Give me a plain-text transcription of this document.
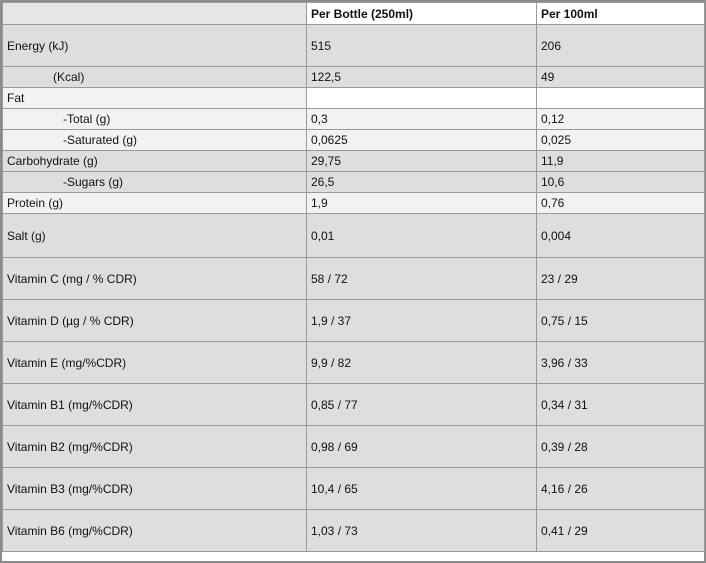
	Per Bottle (250ml)	Per 100ml
Energy (kJ)	515	206
(Kcal)	122,5	49
Fat		
-Total (g)	0,3	0,12
-Saturated (g)	0,0625	0,025
Carbohydrate (g)	29,75	11,9
-Sugars (g)	26,5	10,6
Protein (g)	1,9	0,76
Salt (g)	0,01	0,004
Vitamin C (mg / % CDR)	58 / 72	23 / 29
Vitamin D (µg / % CDR)	1,9 / 37	0,75 / 15
Vitamin E (mg/%CDR)	9,9 / 82	3,96 / 33
Vitamin B1 (mg/%CDR)	0,85 / 77	0,34 / 31
Vitamin B2 (mg/%CDR)	0,98 / 69	0,39 / 28
Vitamin B3 (mg/%CDR)	10,4 / 65	4,16 / 26
Vitamin B6 (mg/%CDR)	1,03 / 73	0,41 / 29
